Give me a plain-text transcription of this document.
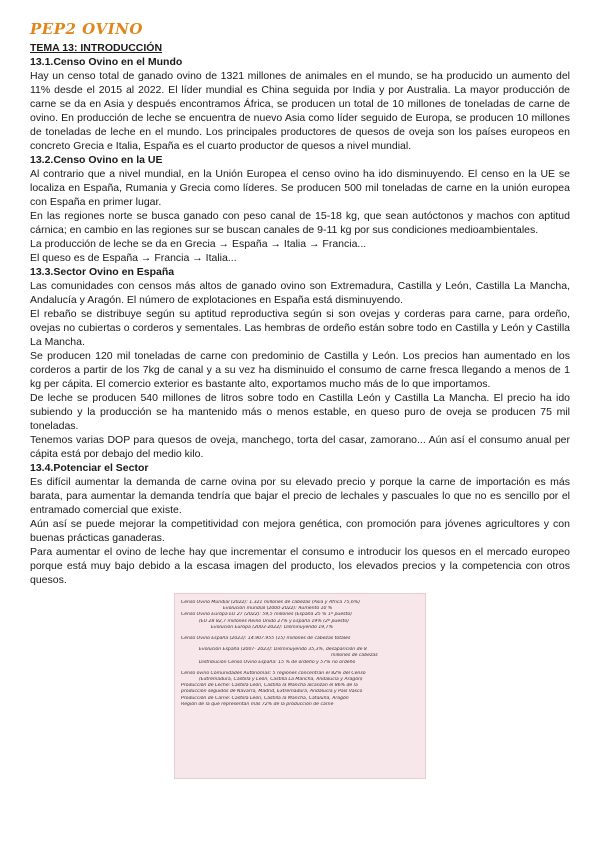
PEP2 OVINO
TEMA 13: INTRODUCCIÓN
13.1.Censo Ovino en el Mundo

Hay un censo total de ganado ovino de 1321 millones de animales en el mundo, se ha producido un aumento del 11% desde el 2015 al 2022. El líder mundial es China seguida por India y por Australia. La mayor producción de carne se da en Asia y después encontramos África, se producen un total de 10 millones de toneladas de carne de ovino. En producción de leche se encuentra de nuevo Asia como líder seguido de Europa, se producen 10 millones de toneladas de leche en el mundo. Los principales productores de quesos de oveja son los países europeos en concreto Grecia e Italia, España es el cuarto productor de quesos a nivel mundial.

13.2.Censo Ovino en la UE

Al contrario que a nivel mundial, en la Unión Europea el censo ovino ha ido disminuyendo. El censo en la UE se localiza en España, Rumania y Grecia como líderes. Se producen 500 mil toneladas de carne en la unión europea con España en primer lugar.

En las regiones norte se busca ganado con peso canal de 15-18 kg, que sean autóctonos y machos con aptitud cárnica; en cambio en las regiones sur se buscan canales de 9-11 kg por sus condiciones medioambientales.

La producción de leche se da en Grecia → España → Italia → Francia...

El queso es de España → Francia → Italia...

13.3.Sector Ovino en España

Las comunidades con censos más altos de ganado ovino son Extremadura, Castilla y León, Castilla La Mancha, Andalucía y Aragón. El número de explotaciones en España está disminuyendo.

El rebaño se distribuye según su aptitud reproductiva según si son ovejas y corderas para carne, para ordeño, ovejas no cubiertas o corderos y sementales. Las hembras de ordeño están sobre todo en Castilla y León y Castilla La Mancha.

Se producen 120 mil toneladas de carne con predominio de Castilla y León. Los precios han aumentado en los corderos a partir de los 7kg de canal y a su vez ha disminuido el consumo de carne fresca llegando a menos de 1 kg per cápita. El comercio exterior es bastante alto, exportamos mucho más de lo que importamos.

De leche se producen 540 millones de litros sobre todo en Castilla León y Castilla La Mancha. El precio ha ido subiendo y la producción se ha mantenido más o menos estable, en queso puro de oveja se producen 75 mil toneladas.

Tenemos varias DOP para quesos de oveja, manchego, torta del casar, zamorano... Aún así el consumo anual per cápita está por debajo del medio kilo.

13.4.Potenciar el Sector

Es difícil aumentar la demanda de carne ovina por su elevado precio y porque la carne de importación es más barata, para aumentar la demanda tendría que bajar el precio de lechales y pascuales lo que no es sencillo por el entramado comercial que existe.

Aún así se puede mejorar la competitividad con mejora genética, con promoción para jóvenes agricultores y con buenas prácticas ganaderas.

Para aumentar el ovino de leche hay que incrementar el consumo e introducir los quesos en el mercado europeo porque está muy bajo debido a la escasa imagen del producto, los elevados precios y la competencia con otros quesos.

Censo Ovino Mundial (2022): 1.321 millones de cabezas (Asia y África 75,6%)
Evolución mundial (2000-2022): Aumento 10 %
Censo Ovino Europa EU 27 (2022): 59,5 millones (España 25 % 1º puesto)
(EU 28 82,7 millones Reino Unido 27% y España 19% (2º puesto)
Evolución Europa (2003-2022): Disminuyendo 19,7%
Censo Ovino España (2023): 14.907.955 (15) millones de cabezas totales
Evolución España (2007- 2023): Disminuyendo 35,3%, desaparición de 8
millones de cabezas
Distribución Censo Ovino España: 15 % de ordeño y 57% no ordeño
Censo ovino Comunidades Autónomas: 5 regiones concentran el 82% del Censo
(Extremadura, Castilla y León, Castilla La Mancha, Andalucía y Aragón)
Producción de Leche: Castilla León, Castilla la Mancha alcanzan el 86% de la
producción seguidos de Navarra, Madrid, Extremadura, Andalucía y País Vasco
Producción de Carne: Castilla León, Castilla la Mancha, Cataluña, Aragón
Región de la que representan más 72% de la producción de carne
